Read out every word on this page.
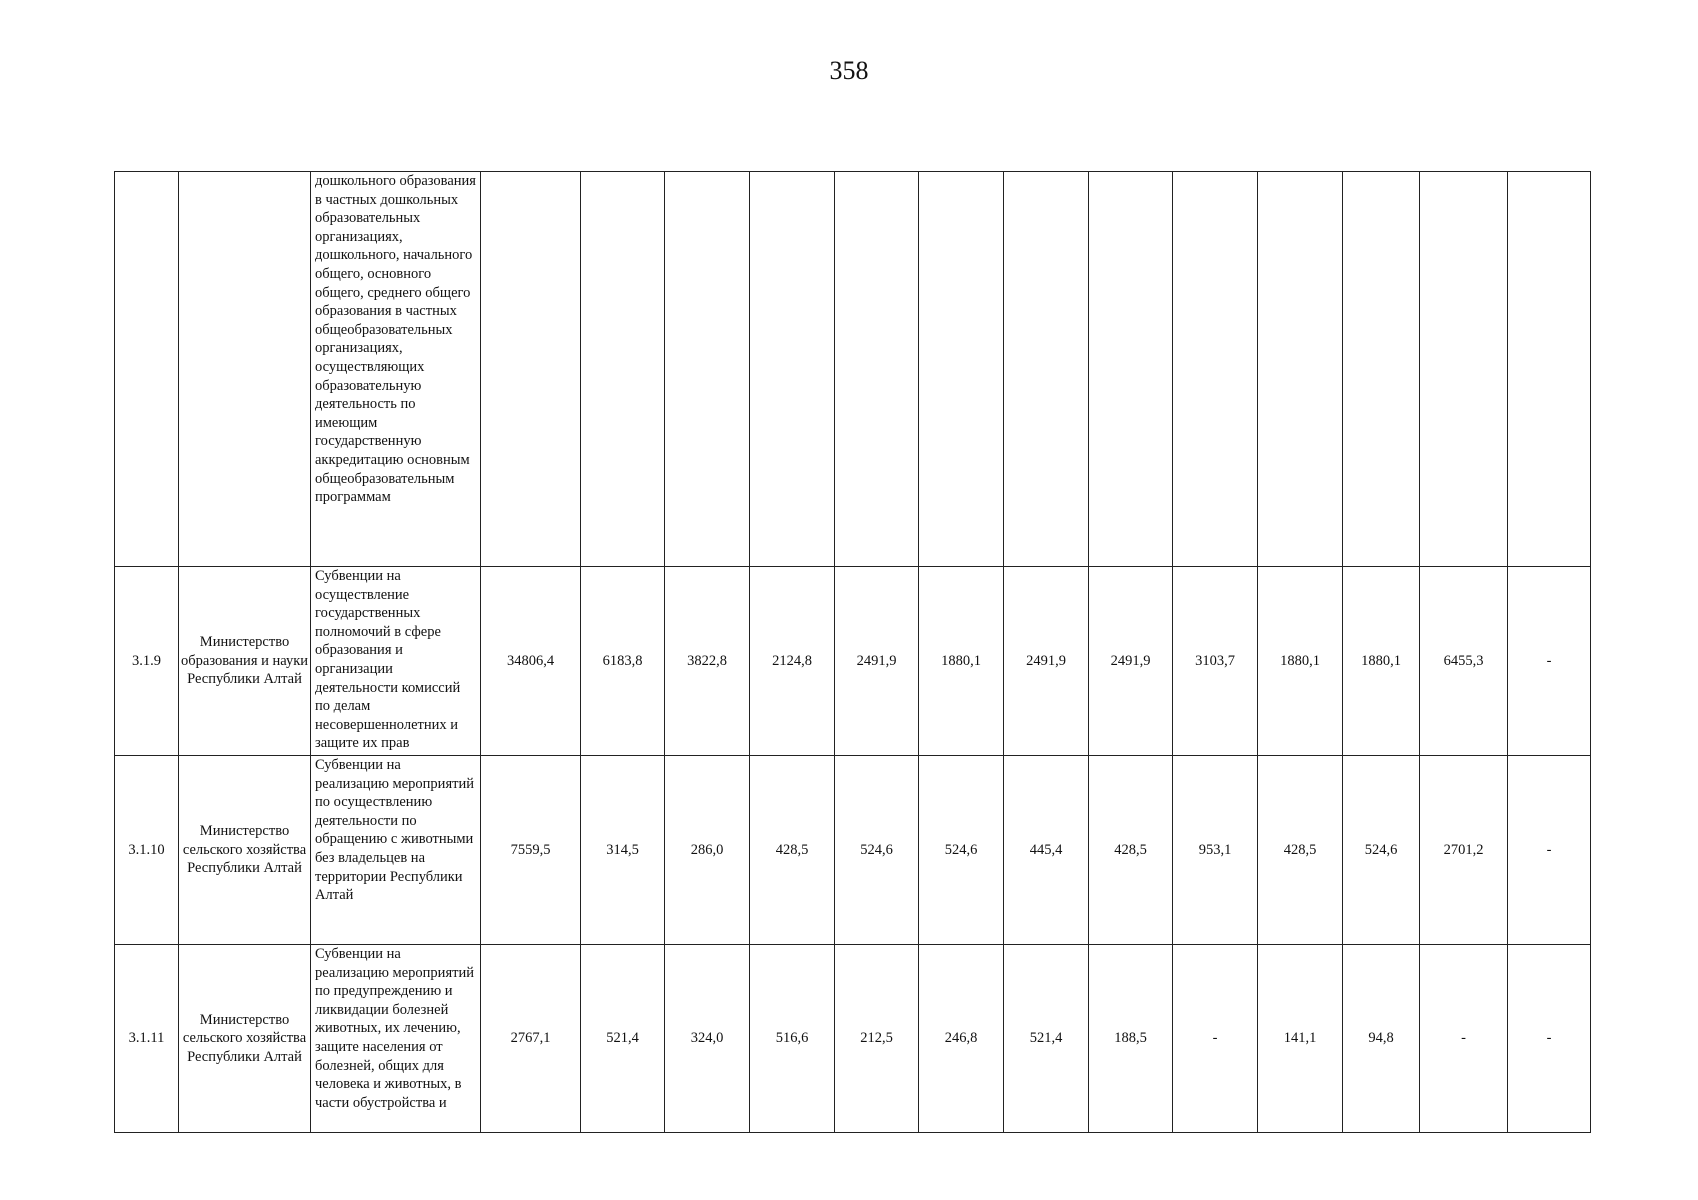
358
		дошкольного образования в частных дошкольных образовательных организациях, дошкольного, начального общего, основного общего, среднего общего образования в частных общеобразовательных организациях, осуществляющих образовательную деятельность по имеющим государственную аккредитацию основным общеобразовательным программам													
3.1.9	Министерство образования и науки Республики Алтай	Субвенции на осуществление государственных полномочий в сфере образования и организации деятельности комиссий по делам несовершеннолетних и защите их прав	34806,4	6183,8	3822,8	2124,8	2491,9	1880,1	2491,9	2491,9	3103,7	1880,1	1880,1	6455,3	-
3.1.10	Министерство сельского хозяйства Республики Алтай	Субвенции на реализацию мероприятий по осуществлению деятельности по обращению с животными без владельцев на территории Республики Алтай	7559,5	314,5	286,0	428,5	524,6	524,6	445,4	428,5	953,1	428,5	524,6	2701,2	-
3.1.11	Министерство сельского хозяйства Республики Алтай	Субвенции на реализацию мероприятий по предупреждению и ликвидации болезней животных, их лечению, защите населения от болезней, общих для человека и животных, в части обустройства и	2767,1	521,4	324,0	516,6	212,5	246,8	521,4	188,5	-	141,1	94,8	-	-
